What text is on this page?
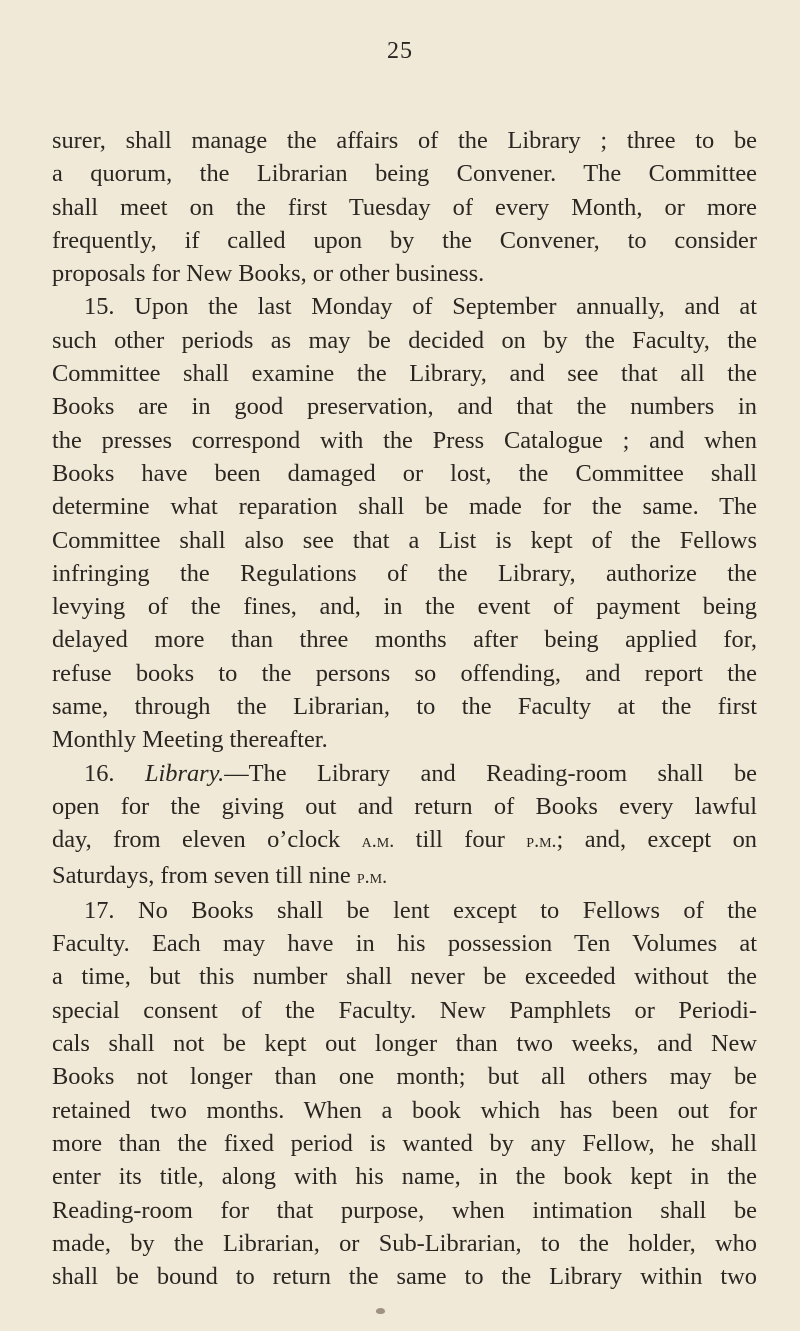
25

surer, shall manage the affairs of the Library ; three to be
a quorum, the Librarian being Convener. The Committee
shall meet on the first Tuesday of every Month, or more
frequently, if called upon by the Convener, to consider
proposals for New Books, or other business.

15. Upon the last Monday of September annually, and at
such other periods as may be decided on by the Faculty, the
Committee shall examine the Library, and see that all the
Books are in good preservation, and that the numbers in
the presses correspond with the Press Catalogue ; and when
Books have been damaged or lost, the Committee shall
determine what reparation shall be made for the same. The
Committee shall also see that a List is kept of the Fellows
infringing the Regulations of the Library, authorize the
levying of the fines, and, in the event of payment being
delayed more than three months after being applied for,
refuse books to the persons so offending, and report the
same, through the Librarian, to the Faculty at the first
Monthly Meeting thereafter.

16. Library.—The Library and Reading-room shall be
open for the giving out and return of Books every lawful
day, from eleven o’clock a.m. till four p.m.; and, except on
Saturdays, from seven till nine p.m.

17. No Books shall be lent except to Fellows of the
Faculty. Each may have in his possession Ten Volumes at
a time, but this number shall never be exceeded without the
special consent of the Faculty. New Pamphlets or Periodi-
cals shall not be kept out longer than two weeks, and New
Books not longer than one month; but all others may be
retained two months. When a book which has been out for
more than the fixed period is wanted by any Fellow, he shall
enter its title, along with his name, in the book kept in the
Reading-room for that purpose, when intimation shall be
made, by the Librarian, or Sub-Librarian, to the holder, who
shall be bound to return the same to the Library within two
